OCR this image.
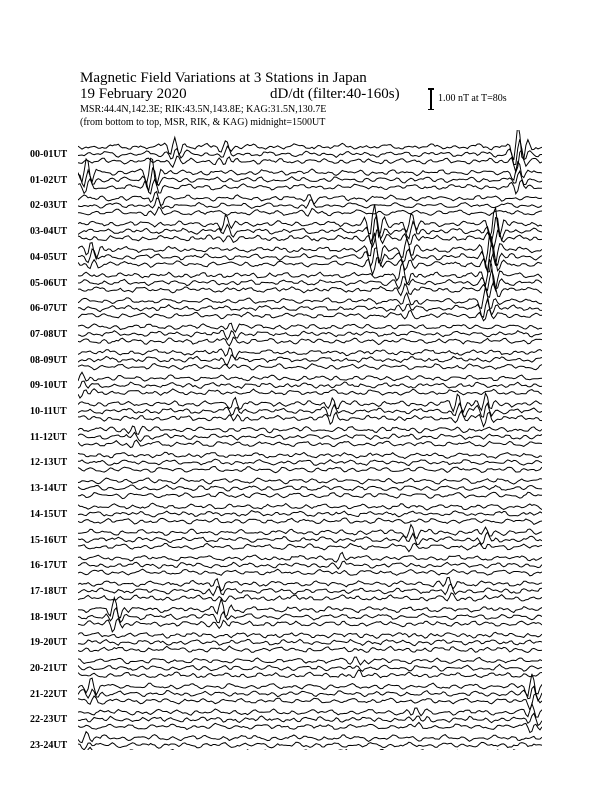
Magnetic Field Variations at 3 Stations in Japan
19 February 2020	dD/dt (filter:40-160s)
MSR:44.4N,142.3E; RIK:43.5N,143.8E; KAG:31.5N,130.7E
(from bottom to top, MSR, RIK, & KAG) midnight=1500UT
1.00 nT at T=80s
00-01UT
01-02UT
02-03UT
03-04UT
04-05UT
05-06UT
06-07UT
07-08UT
08-09UT
09-10UT
10-11UT
11-12UT
12-13UT
13-14UT
14-15UT
15-16UT
16-17UT
17-18UT
18-19UT
19-20UT
20-21UT
21-22UT
22-23UT
23-24UT
